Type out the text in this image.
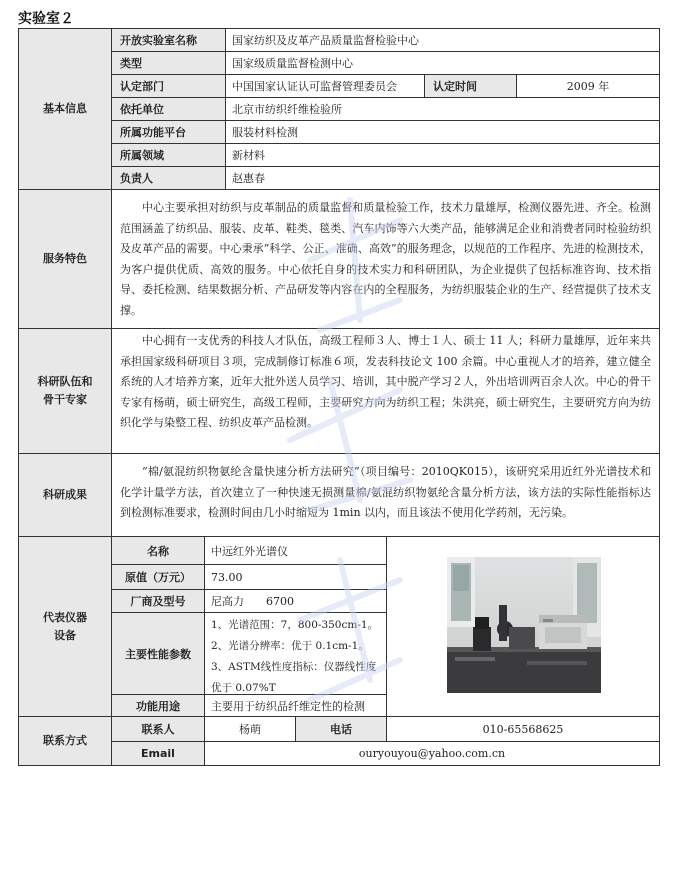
实验室２
基本信息
开放实验室名称	国家纺织及皮革产品质量监督检验中心
类型	国家级质量监督检测中心
认定部门	中国国家认证认可监督管理委员会	认定时间	2009 年
依托单位	北京市纺织纤维检验所
所属功能平台	服装材料检测
所属领域	新材料
负责人	赵惠春
服务特色

中心主要承担对纺织与皮革制品的质量监督和质量检验工作，技术力量雄厚，检测仪器先进、齐全。检测范围涵盖了纺织品、服装、皮革、鞋类、毯类、汽车内饰等六大类产品，能够满足企业和消费者同时检验纺织及皮革产品的需要。中心秉承”科学、公正、准确、高效”的服务理念，以规范的工作程序、先进的检测技术，为客户提供优质、高效的服务。中心依托自身的技术实力和科研团队，为企业提供了包括标准咨询、技术指导、委托检测、结果数据分析、产品研发等内容在内的全程服务，为纺织服装企业的生产、经营提供了技术支撑。

科研队伍和
骨干专家

中心拥有一支优秀的科技人才队伍，高级工程师３人、博士１人、硕士 11 人；科研力量雄厚，近年来共承担国家级科研项目３项，完成制修订标准６项，发表科技论文 100 余篇。中心重视人才的培养，建立健全系统的人才培养方案，近年大批外送人员学习、培训，其中脱产学习２人，外出培训两百余人次。中心的骨干专家有杨萌，硕士研究生，高级工程师，主要研究方向为纺织工程；朱洪亮，硕士研究生，主要研究方向为纺织化学与染整工程、纺织皮革产品检测。

科研成果

“棉/氨混纺织物氨纶含量快速分析方法研究”（项目编号：2010QK015），该研究采用近红外光谱技术和化学计量学方法，首次建立了一种快速无损测量棉/氨混纺织物氨纶含量分析方法，该方法的实际性能指标达到检测标准要求，检测时间由几小时缩短为 1min 以内，而且该法不使用化学药剂，无污染。

代表仪器
设备
名称	中远红外光谱仪
原值（万元）	73.00
厂商及型号	尼高力　　6700
主要性能参数
1、光谱范围：7，800-350cm-1。2、光谱分辨率：优于 0.1cm-1。3、ASTM线性度指标：仪器线性度优于 0.07%T
功能用途	主要用于纺织品纤维定性的检测
联系方式
联系人	杨萌	电话	010-65568625
Email	ouryouyou@yahoo.com.cn
